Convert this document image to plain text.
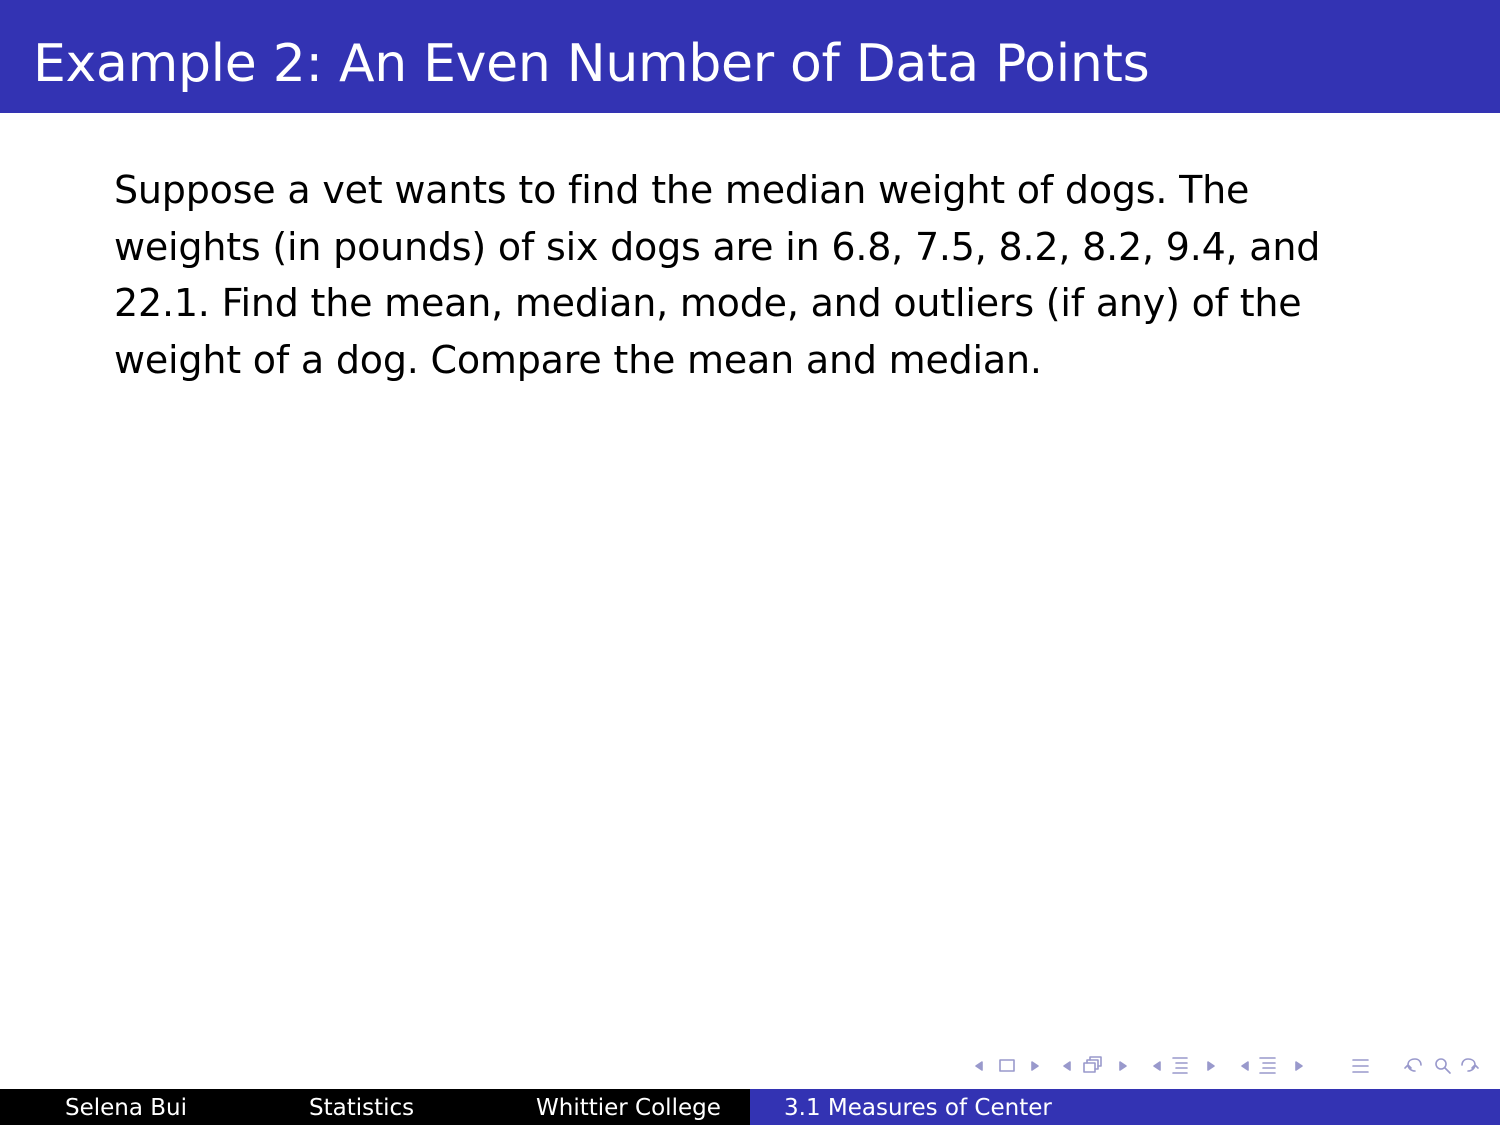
Example 2: An Even Number of Data Points
Suppose a vet wants to find the median weight of dogs. The weights (in pounds) of six dogs are in 6.8, 7.5, 8.2, 8.2, 9.4, and 22.1. Find the mean, median, mode, and outliers (if any) of the weight of a dog. Compare the mean and median.
Selena Bui	Statistics	Whittier College	3.1 Measures of Center
